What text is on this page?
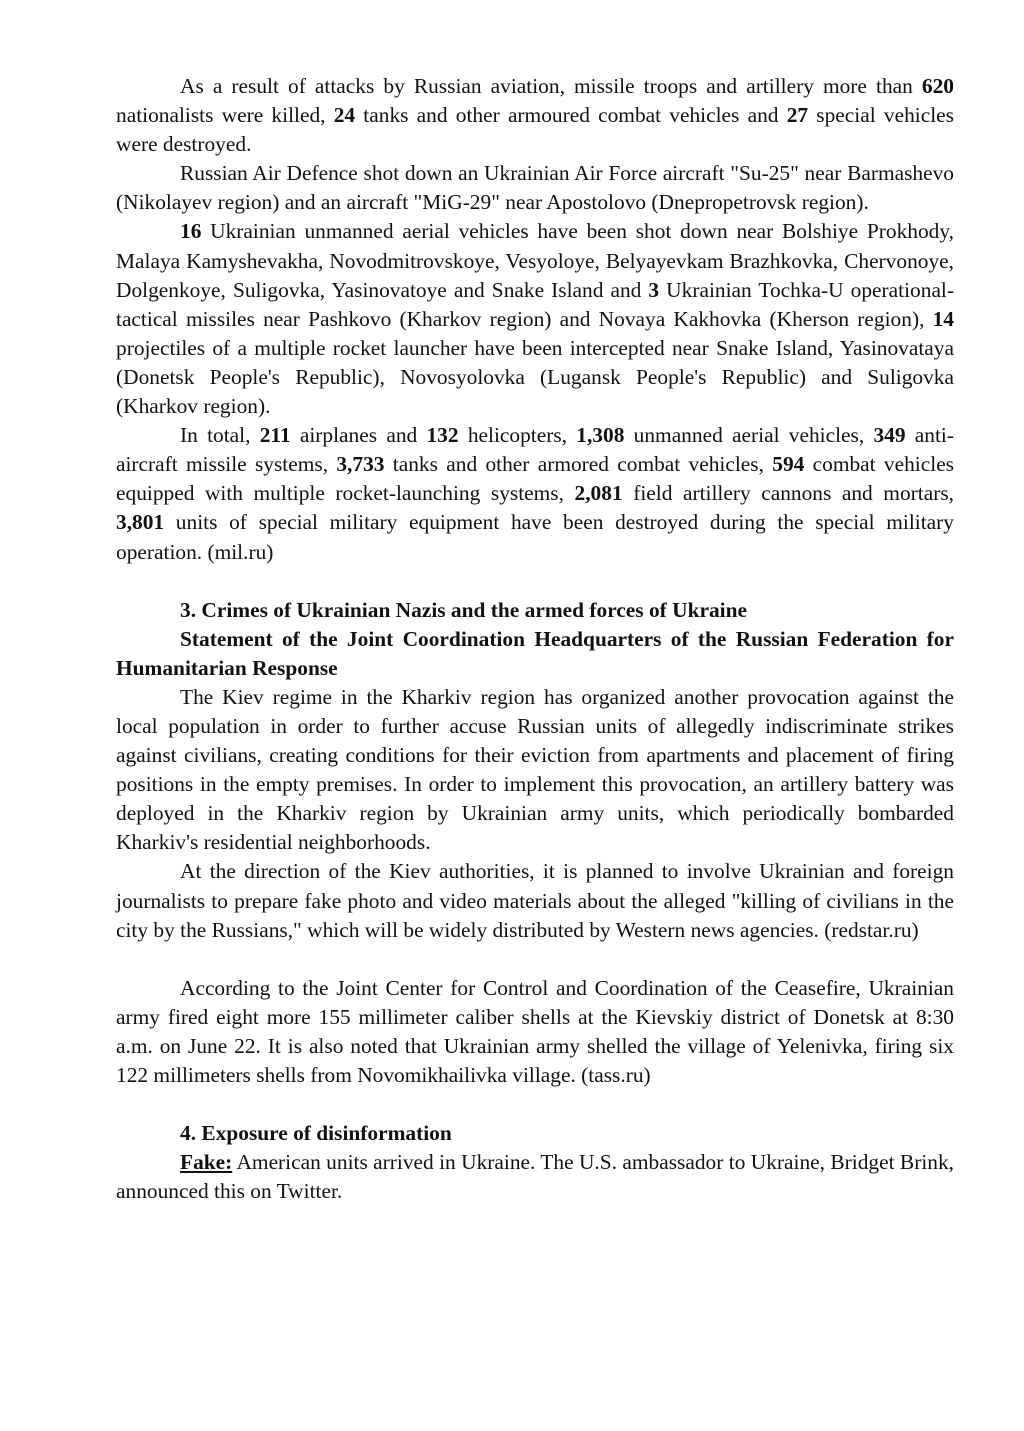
As a result of attacks by Russian aviation, missile troops and artillery more than 620 nationalists were killed, 24 tanks and other armoured combat vehicles and 27 special vehicles were destroyed.

Russian Air Defence shot down an Ukrainian Air Force aircraft "Su-25" near Barmashevo (Nikolayev region) and an aircraft "MiG-29" near Apostolovo (Dnepropetrovsk region).

16 Ukrainian unmanned aerial vehicles have been shot down near Bolshiye Prokhody, Malaya Kamyshevakha, Novodmitrovskoye, Vesyoloye, Belyayevkam Brazhkovka, Chervonoye, Dolgenkoye, Suligovka, Yasinovatoye and Snake Island and 3 Ukrainian Tochka-U operational-tactical missiles near Pashkovo (Kharkov region) and Novaya Kakhovka (Kherson region), 14 projectiles of a multiple rocket launcher have been intercepted near Snake Island, Yasinovataya (Donetsk People's Republic), Novosyolovka (Lugansk People's Republic) and Suligovka (Kharkov region).

In total, 211 airplanes and 132 helicopters, 1,308 unmanned aerial vehicles, 349 anti-aircraft missile systems, 3,733 tanks and other armored combat vehicles, 594 combat vehicles equipped with multiple rocket-launching systems, 2,081 field artillery cannons and mortars, 3,801 units of special military equipment have been destroyed during the special military operation. (mil.ru)

3. Crimes of Ukrainian Nazis and the armed forces of Ukraine

Statement of the Joint Coordination Headquarters of the Russian Federation for Humanitarian Response

The Kiev regime in the Kharkiv region has organized another provocation against the local population in order to further accuse Russian units of allegedly indiscriminate strikes against civilians, creating conditions for their eviction from apartments and placement of firing positions in the empty premises. In order to implement this provocation, an artillery battery was deployed in the Kharkiv region by Ukrainian army units, which periodically bombarded Kharkiv's residential neighborhoods.

At the direction of the Kiev authorities, it is planned to involve Ukrainian and foreign journalists to prepare fake photo and video materials about the alleged "killing of civilians in the city by the Russians," which will be widely distributed by Western news agencies. (redstar.ru)

According to the Joint Center for Control and Coordination of the Ceasefire, Ukrainian army fired eight more 155 millimeter caliber shells at the Kievskiy district of Donetsk at 8:30 a.m. on June 22. It is also noted that Ukrainian army shelled the village of Yelenivka, firing six 122 millimeters shells from Novomikhailivka village. (tass.ru)

4. Exposure of disinformation

Fake: American units arrived in Ukraine. The U.S. ambassador to Ukraine, Bridget Brink, announced this on Twitter.
